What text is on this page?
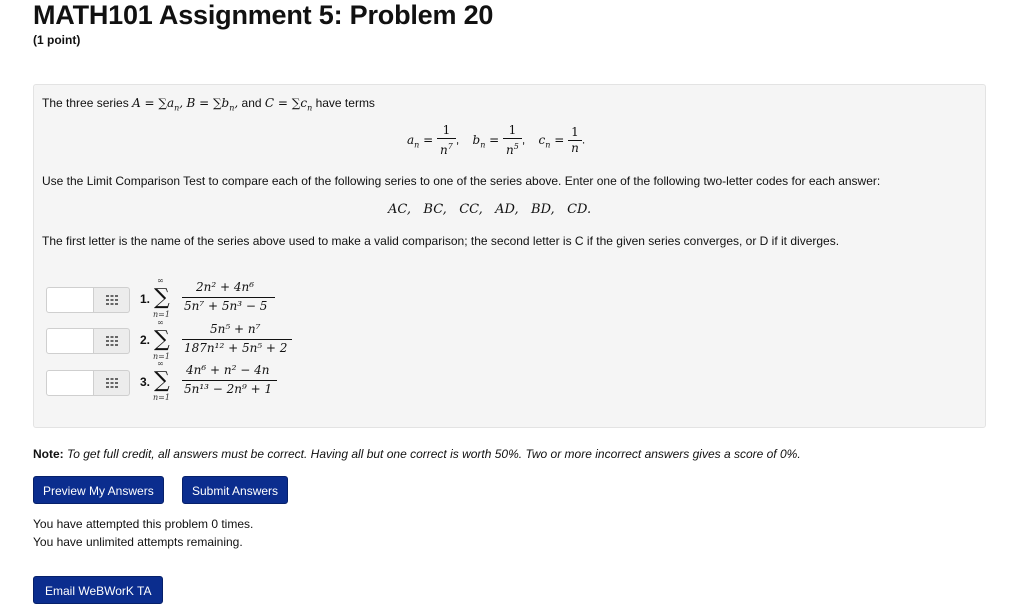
MATH101 Assignment 5: Problem 20
(1 point)
The three series $A = \sum a_n$, $B = \sum b_n$, and $C = \sum c_n$ have terms
$a_n = \frac{1}{n^7}$ ,    $b_n = \frac{1}{n^5}$ ,    $c_n = \frac{1}{n}$ .
Use the Limit Comparison Test to compare each of the following series to one of the series above. Enter one of the following two-letter codes for each answer:
AC,   BC,   CC,   AD,   BD,   CD.
The first letter is the name of the series above used to make a valid comparison; the second letter is C if the given series converges, or D if it diverges.
1.
∞
∑
n=1
2n² + 4n⁶
5n⁷ + 5n³ − 5
2.
∞
∑
n=1
5n⁵ + n⁷
187n¹² + 5n⁵ + 2
3.
∞
∑
n=1
4n⁶ + n² − 4n
5n¹³ − 2n⁹ + 1
Note: To get full credit, all answers must be correct. Having all but one correct is worth 50%. Two or more incorrect answers gives a score of 0%.
Preview My Answers	Submit Answers
You have attempted this problem 0 times.
You have unlimited attempts remaining.
Email WeBWorK TA
